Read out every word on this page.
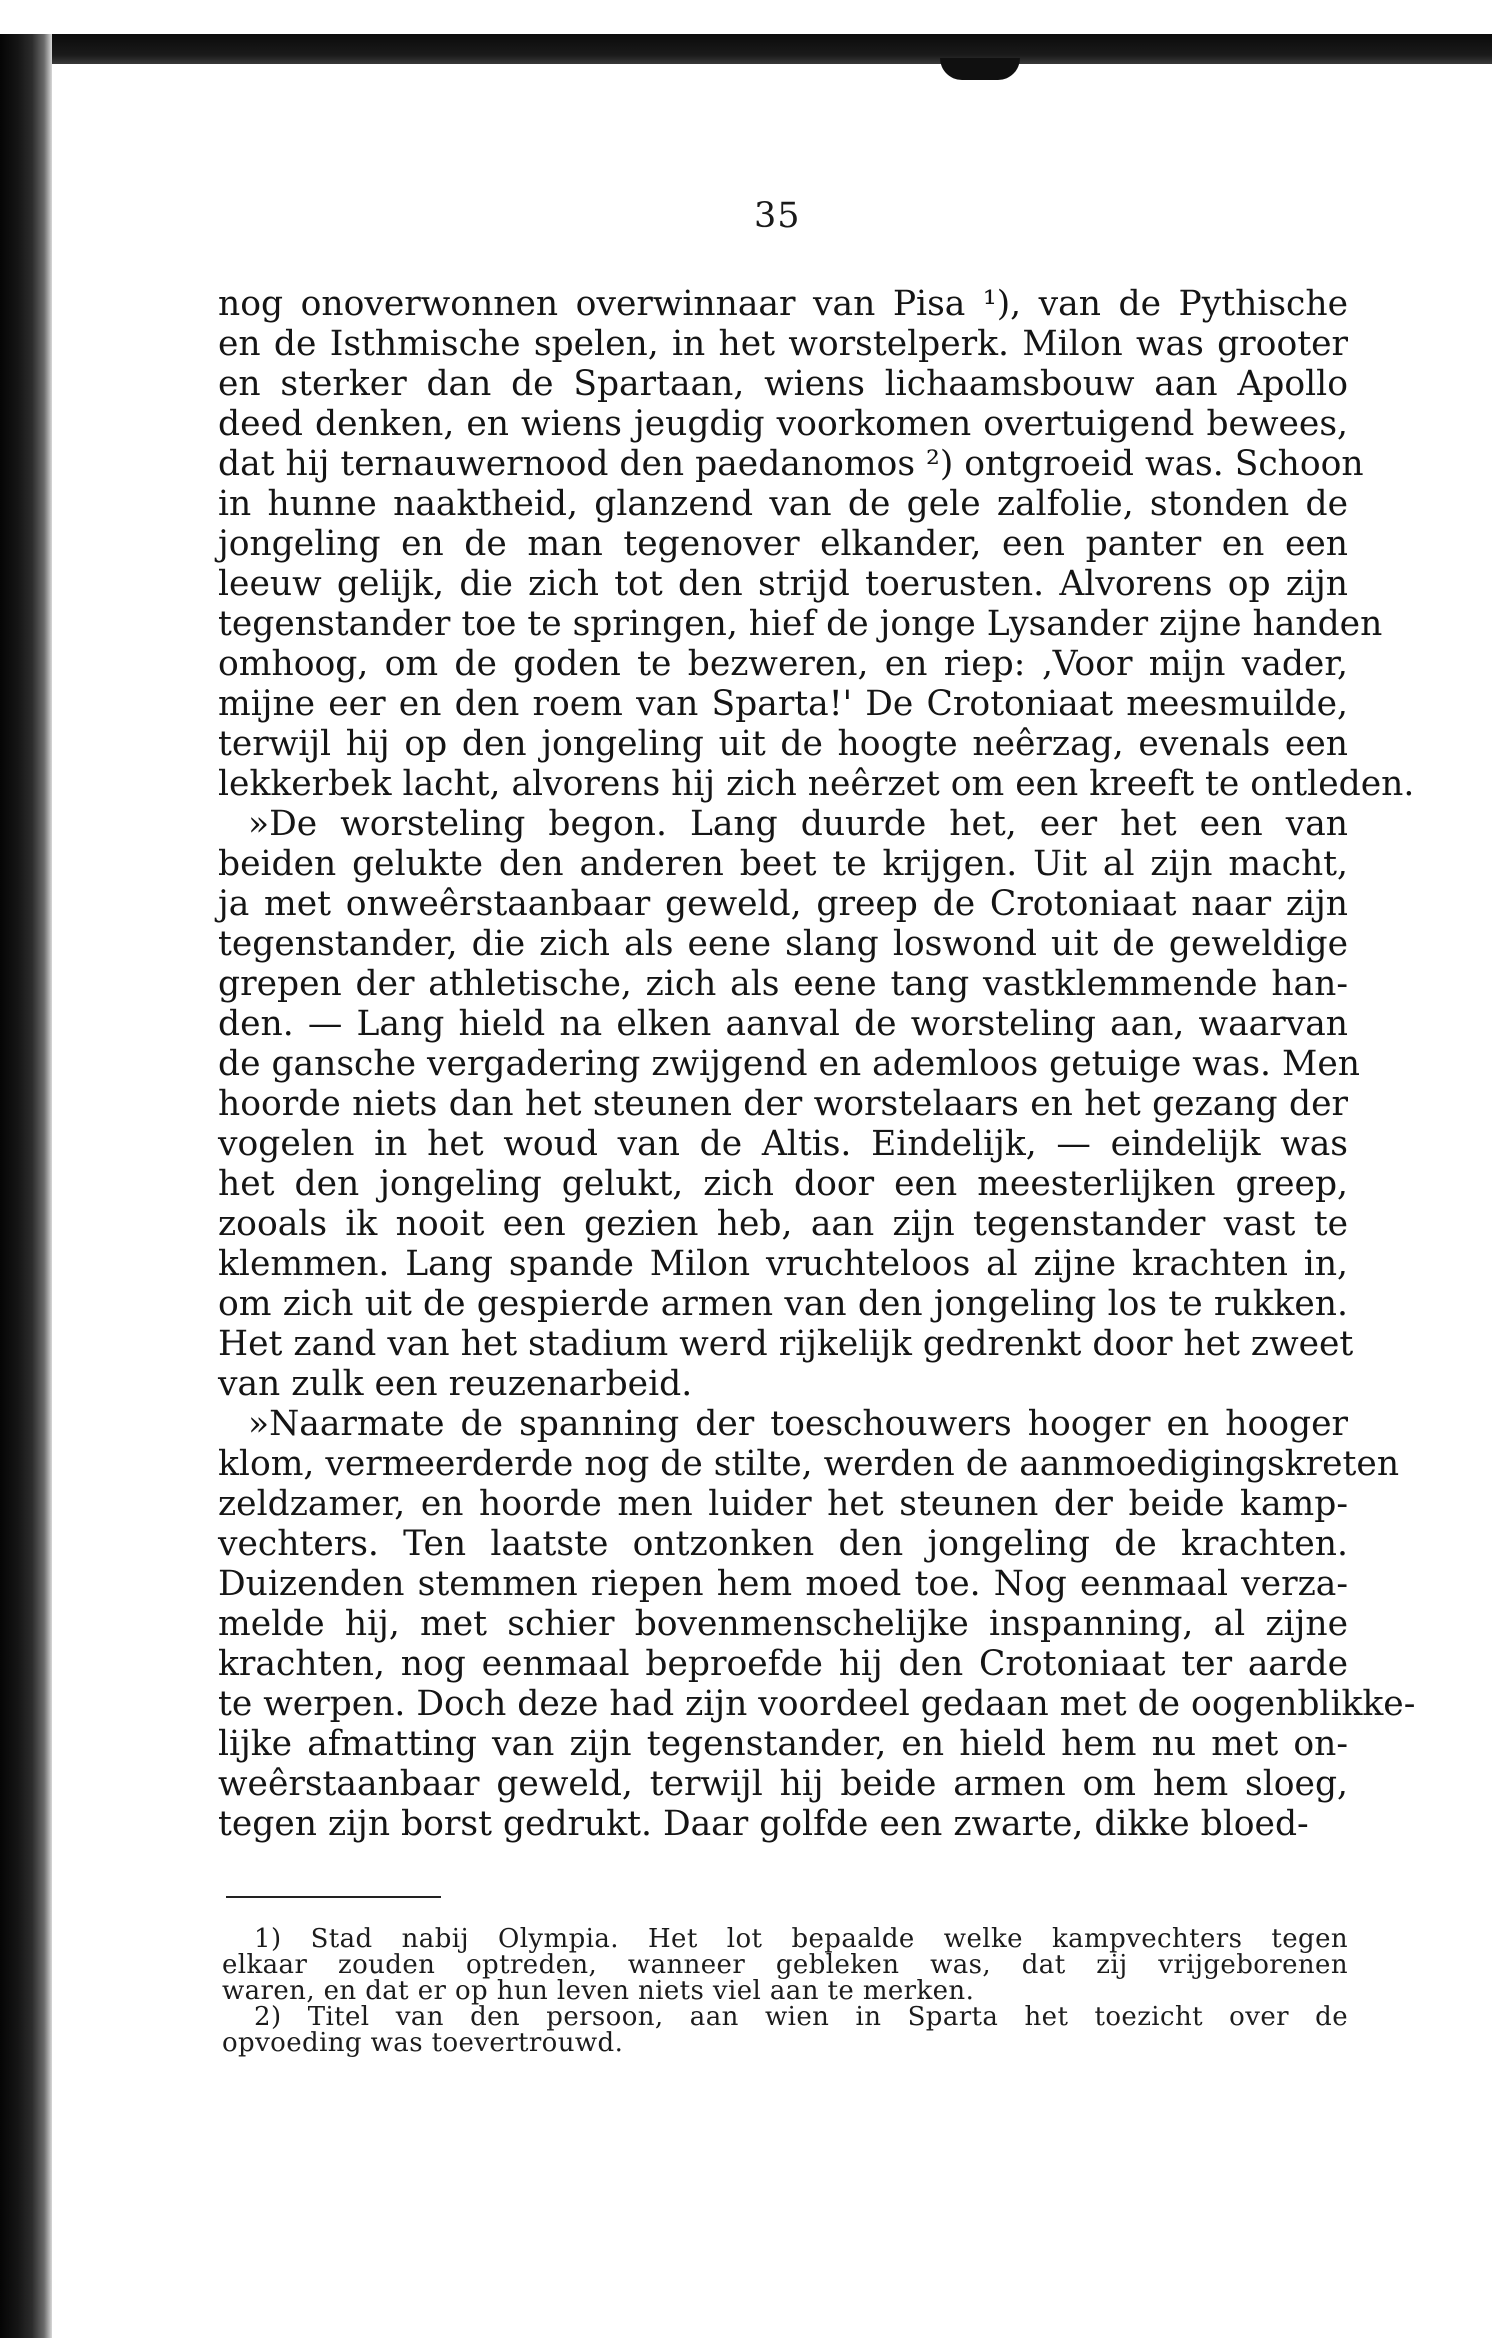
35
nog onoverwonnen overwinnaar van Pisa ¹), van de Pythische
en de Isthmische spelen, in het worstelperk. Milon was grooter
en sterker dan de Spartaan, wiens lichaamsbouw aan Apollo
deed denken, en wiens jeugdig voorkomen overtuigend bewees,
dat hij ternauwernood den paedanomos ²) ontgroeid was. Schoon
in hunne naaktheid, glanzend van de gele zalfolie, stonden de
jongeling en de man tegenover elkander, een panter en een
leeuw gelijk, die zich tot den strijd toerusten. Alvorens op zijn
tegenstander toe te springen, hief de jonge Lysander zijne handen
omhoog, om de goden te bezweren, en riep: ‚Voor mijn vader,
mijne eer en den roem van Sparta!' De Crotoniaat meesmuilde,
terwijl hij op den jongeling uit de hoogte neêrzag, evenals een
lekkerbek lacht, alvorens hij zich neêrzet om een kreeft te ontleden.
»De worsteling begon. Lang duurde het, eer het een van
beiden gelukte den anderen beet te krijgen. Uit al zijn macht,
ja met onweêrstaanbaar geweld, greep de Crotoniaat naar zijn
tegenstander, die zich als eene slang loswond uit de geweldige
grepen der athletische, zich als eene tang vastklemmende han-
den. — Lang hield na elken aanval de worsteling aan, waarvan
de gansche vergadering zwijgend en ademloos getuige was. Men
hoorde niets dan het steunen der worstelaars en het gezang der
vogelen in het woud van de Altis. Eindelijk, — eindelijk was
het den jongeling gelukt, zich door een meesterlijken greep,
zooals ik nooit een gezien heb, aan zijn tegenstander vast te
klemmen. Lang spande Milon vruchteloos al zijne krachten in,
om zich uit de gespierde armen van den jongeling los te rukken.
Het zand van het stadium werd rijkelijk gedrenkt door het zweet
van zulk een reuzenarbeid.
»Naarmate de spanning der toeschouwers hooger en hooger
klom, vermeerderde nog de stilte, werden de aanmoedigingskreten
zeldzamer, en hoorde men luider het steunen der beide kamp-
vechters. Ten laatste ontzonken den jongeling de krachten.
Duizenden stemmen riepen hem moed toe. Nog eenmaal verza-
melde hij, met schier bovenmenschelijke inspanning, al zijne
krachten, nog eenmaal beproefde hij den Crotoniaat ter aarde
te werpen. Doch deze had zijn voordeel gedaan met de oogenblikke-
lijke afmatting van zijn tegenstander, en hield hem nu met on-
weêrstaanbaar geweld, terwijl hij beide armen om hem sloeg,
tegen zijn borst gedrukt. Daar golfde een zwarte, dikke bloed-
1) Stad nabij Olympia. Het lot bepaalde welke kampvechters tegen
elkaar zouden optreden, wanneer gebleken was, dat zij vrijgeborenen
waren, en dat er op hun leven niets viel aan te merken.
2) Titel van den persoon, aan wien in Sparta het toezicht over de
opvoeding was toevertrouwd.
